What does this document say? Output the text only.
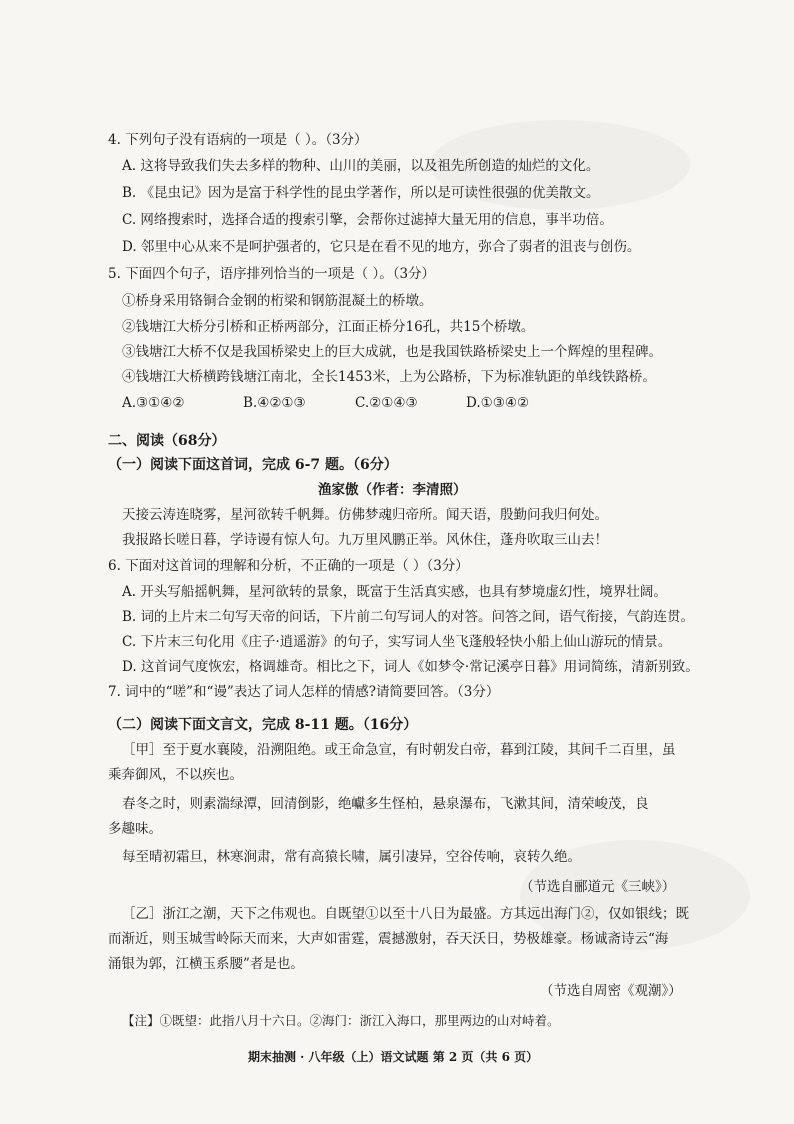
4. 下列句子没有语病的一项是（ ）。（3分）
A. 这将导致我们失去多样的物种、山川的美丽，以及祖先所创造的灿烂的文化。
B. 《昆虫记》因为是富于科学性的昆虫学著作，所以是可读性很强的优美散文。
C. 网络搜索时，选择合适的搜索引擎，会帮你过滤掉大量无用的信息，事半功倍。
D. 邻里中心从来不是呵护强者的，它只是在看不见的地方，弥合了弱者的沮丧与创伤。
5. 下面四个句子，语序排列恰当的一项是（ ）。（3分）
①桥身采用铬铜合金钢的桁梁和钢筋混凝土的桥墩。
②钱塘江大桥分引桥和正桥两部分，江面正桥分16孔，共15个桥墩。
③钱塘江大桥不仅是我国桥梁史上的巨大成就，也是我国铁路桥梁史上一个辉煌的里程碑。
④钱塘江大桥横跨钱塘江南北，全长1453米，上为公路桥，下为标准轨距的单线铁路桥。
A.③①④②	B.④②①③	C.②①④③	D.①③④②
二、阅读（68分）
（一）阅读下面这首词，完成 6-7 题。（6分）
渔家傲（作者：李清照）
天接云涛连晓雾，星河欲转千帆舞。仿佛梦魂归帝所。闻天语，殷勤问我归何处。
我报路长嗟日暮，学诗谩有惊人句。九万里风鹏正举。风休住，蓬舟吹取三山去！
6. 下面对这首词的理解和分析，不正确的一项是（ ）（3分）
A. 开头写船摇帆舞，星河欲转的景象，既富于生活真实感，也具有梦境虚幻性，境界壮阔。
B. 词的上片末二句写天帝的问话，下片前二句写词人的对答。问答之间，语气衔接，气韵连贯。
C. 下片末三句化用《庄子·逍遥游》的句子，实写词人坐飞蓬般轻快小船上仙山游玩的情景。
D. 这首词气度恢宏，格调雄奇。相比之下，词人《如梦令·常记溪亭日暮》用词简练，清新别致。
7. 词中的“嗟”和“谩”表达了词人怎样的情感?请简要回答。（3分）
（二）阅读下面文言文，完成 8-11 题。（16分）
［甲］至于夏水襄陵，沿溯阻绝。或王命急宣，有时朝发白帝，暮到江陵，其间千二百里，虽
乘奔御风，不以疾也。
春冬之时，则素湍绿潭，回清倒影，绝巘多生怪柏，悬泉瀑布，飞漱其间，清荣峻茂，良
多趣味。
每至晴初霜旦，林寒涧肃，常有高猿长啸，属引凄异，空谷传响，哀转久绝。
（节选自郦道元《三峡》）
［乙］浙江之潮，天下之伟观也。自既望①以至十八日为最盛。方其远出海门②，仅如银线；既
而渐近，则玉城雪岭际天而来，大声如雷霆，震撼激射，吞天沃日，势极雄豪。杨诚斋诗云“海
涌银为郭，江横玉系腰”者是也。
（节选自周密《观潮》）
【注】①既望：此指八月十六日。②海门：浙江入海口，那里两边的山对峙着。
期末抽测 · 八年级（上）语文试题 第 2 页（共 6 页）
